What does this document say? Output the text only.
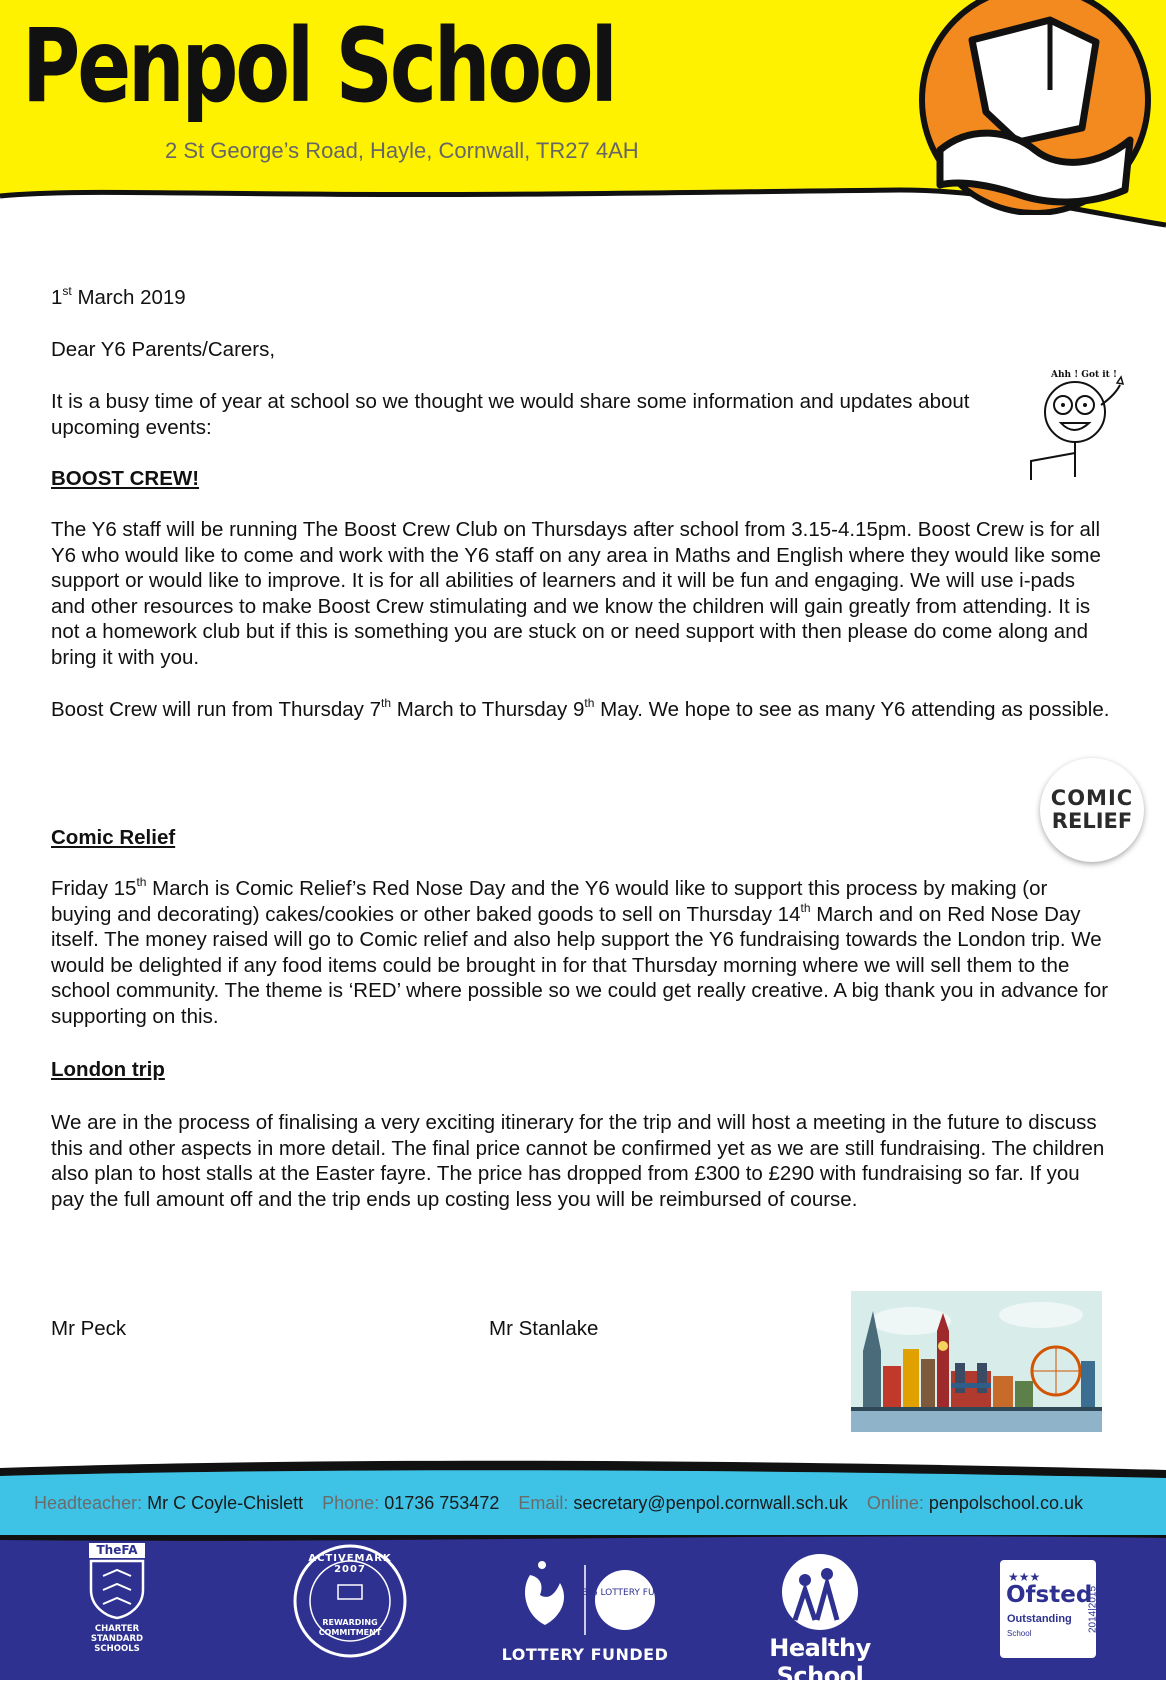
Penpol School
2 St George’s Road, Hayle, Cornwall, TR27 4AH
1st March 2019
Dear Y6 Parents/Carers,

It is a busy time of year at school so we thought we would share some information and updates about upcoming events:

Ahh ! Got it !

BOOST CREW!

The Y6 staff will be running The Boost Crew Club on Thursdays after school from 3.15-4.15pm. Boost Crew is for all Y6 who would like to come and work with the Y6 staff on any area in Maths and English where they would like some support or would like to improve. It is for all abilities of learners and it will be fun and engaging. We will use i-pads and other resources to make Boost Crew stimulating and we know the children will gain greatly from attending. It is not a homework club but if this is something you are stuck on or need support with then please do come along and bring it with you.

Boost Crew will run from Thursday 7th March to Thursday 9th May. We hope to see as many Y6 attending as possible.

COMIC
RELIEF

Comic Relief

Friday 15th March is Comic Relief’s Red Nose Day and the Y6 would like to support this process by making (or buying and decorating) cakes/cookies or other baked goods to sell on Thursday 14th March and on Red Nose Day itself. The money raised will go to Comic relief and also help support the Y6 fundraising towards the London trip. We would be delighted if any food items could be brought in for that Thursday morning where we will sell them to the school community. The theme is ‘RED’ where possible so we could get really creative. A big thank you in advance for supporting on this.

London trip

We are in the process of finalising a very exciting itinerary for the trip and will host a meeting in the future to discuss this and other aspects in more detail. The final price cannot be confirmed yet as we are still fundraising. The children also plan to host stalls at the Easter fayre. The price has dropped from £300 to £290 with fundraising so far. If you pay the full amount off and the trip ends up costing less you will be reimbursed of course.

Mr Peck	Mr Stanlake
Headteacher: Mr C Coyle-Chislett Phone: 01736 753472 Email: secretary@penpol.cornwall.sch.uk Online: penpolschool.co.uk
TheFA
CHARTER STANDARD SCHOOLS
ACTIVEMARK 2007
REWARDING COMMITMENT
BIG LOTTERY FUND
LOTTERY FUNDED	Healthy School
Ofsted
★★★
Outstanding
School
2014|2015
